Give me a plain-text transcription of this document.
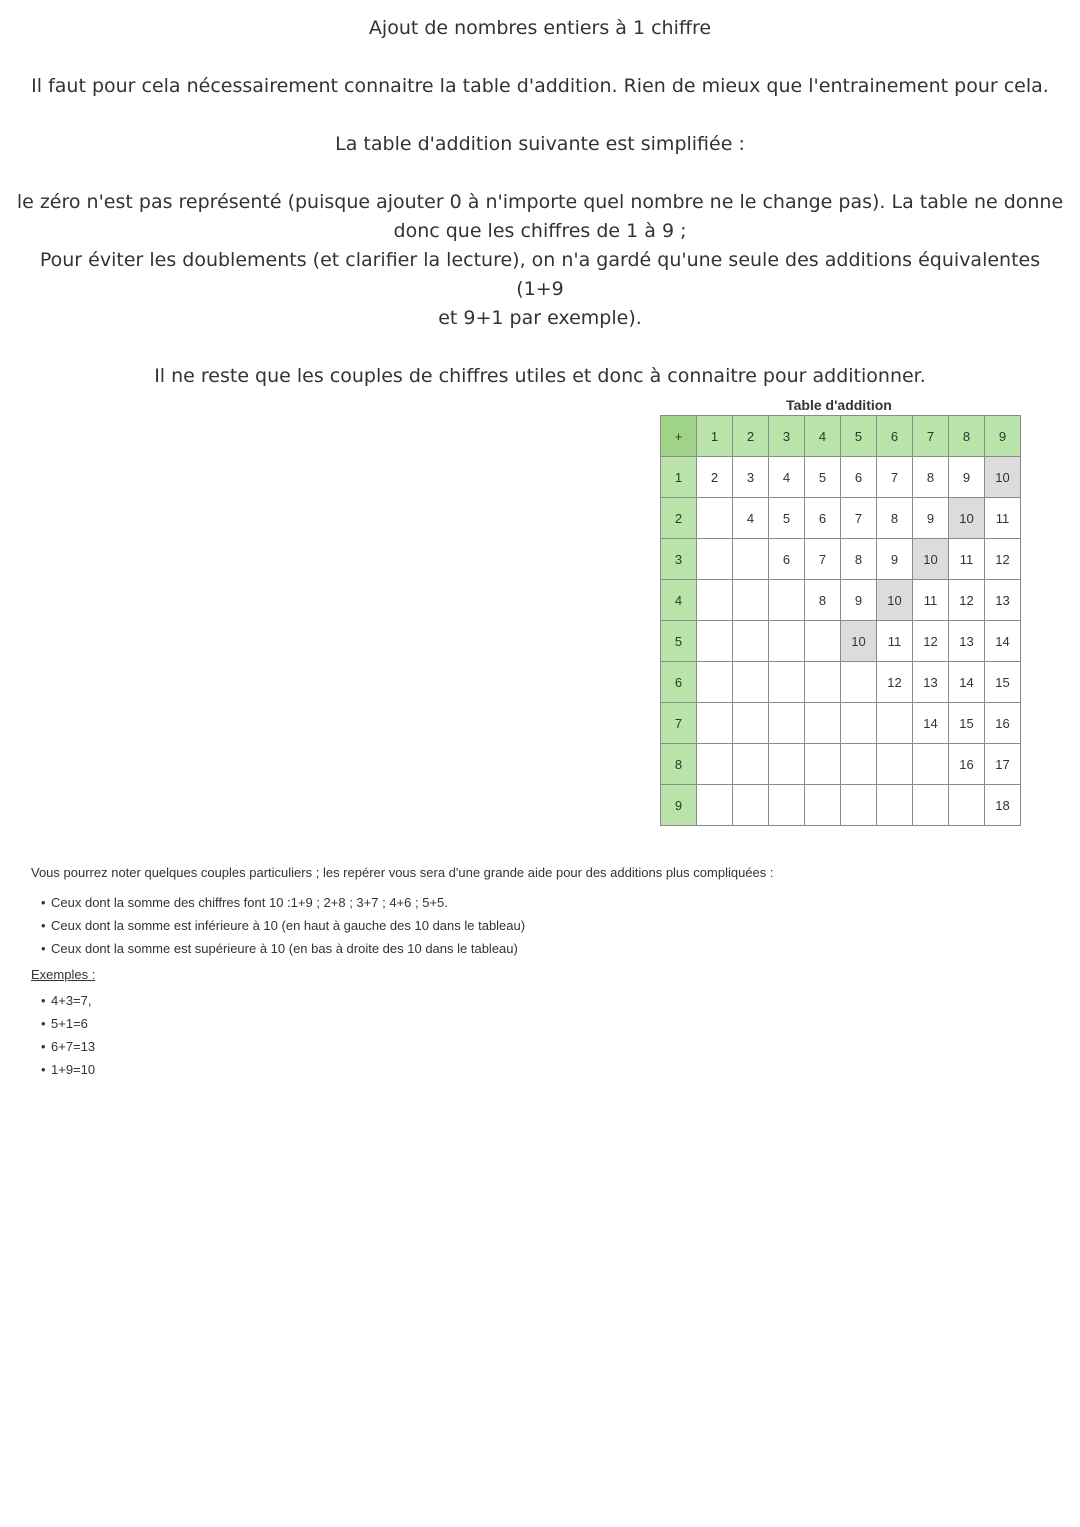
Ajout de nombres entiers à 1 chiffre

Il faut pour cela nécessairement connaitre la table d'addition. Rien de mieux que l'entrainement pour cela.

La table d'addition suivante est simplifiée :

le zéro n'est pas représenté (puisque ajouter 0 à n'importe quel nombre ne le change pas). La table ne donne

donc que les chiffres de 1 à 9 ;

Pour éviter les doublements (et clarifier la lecture), on n'a gardé qu'une seule des additions équivalentes (1+9

et 9+1 par exemple).

Il ne reste que les couples de chiffres utiles et donc à connaitre pour additionner.

Table d'addition
+	1	2	3	4	5	6	7	8	9
1	2	3	4	5	6	7	8	9	10
2		4	5	6	7	8	9	10	11
3			6	7	8	9	10	11	12
4				8	9	10	11	12	13
5					10	11	12	13	14
6						12	13	14	15
7							14	15	16
8								16	17
9									18

Vous pourrez noter quelques couples particuliers ; les repérer vous sera d'une grande aide pour des additions plus compliquées :

• Ceux dont la somme des chiffres font 10 :1+9 ; 2+8 ; 3+7 ; 4+6 ; 5+5.
• Ceux dont la somme est inférieure à 10 (en haut à gauche des 10 dans le tableau)
• Ceux dont la somme est supérieure à 10 (en bas à droite des 10 dans le tableau)

Exemples :

• 4+3=7,
• 5+1=6
• 6+7=13
• 1+9=10
